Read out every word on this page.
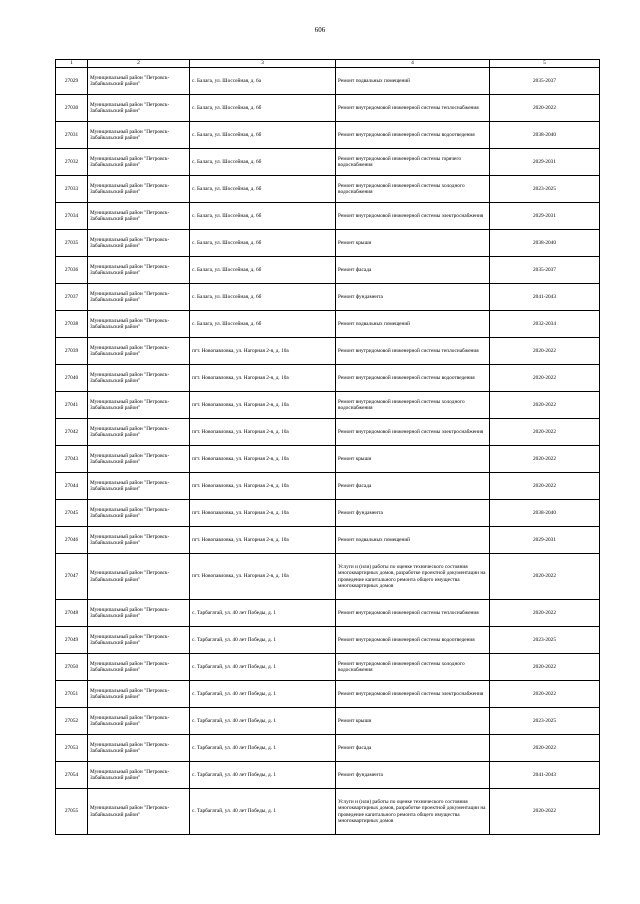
606
1	2	3	4	5
27029	Муниципальный район "Петровск-Забайкальский район"	с. Балага, ул. Шоссейная, д. 6а	Ремонт подвальных помещений	2035-2037
27030	Муниципальный район "Петровск-Забайкальский район"	с. Балага, ул. Шоссейная, д. 6б	Ремонт внутридомовой инженерной системы теплоснабжения	2020-2022
27031	Муниципальный район "Петровск-Забайкальский район"	с. Балага, ул. Шоссейная, д. 6б	Ремонт внутридомовой инженерной системы водоотведения	2038-2040
27032	Муниципальный район "Петровск-Забайкальский район"	с. Балага, ул. Шоссейная, д. 6б	Ремонт внутридомовой инженерной системы горячего водоснабжения	2029-2031
27033	Муниципальный район "Петровск-Забайкальский район"	с. Балага, ул. Шоссейная, д. 6б	Ремонт внутридомовой инженерной системы холодного водоснабжения	2023-2025
27034	Муниципальный район "Петровск-Забайкальский район"	с. Балага, ул. Шоссейная, д. 6б	Ремонт внутридомовой инженерной системы электроснабжения	2029-2031
27035	Муниципальный район "Петровск-Забайкальский район"	с. Балага, ул. Шоссейная, д. 6б	Ремонт крыши	2038-2040
27036	Муниципальный район "Петровск-Забайкальский район"	с. Балага, ул. Шоссейная, д. 6б	Ремонт фасада	2035-2037
27037	Муниципальный район "Петровск-Забайкальский район"	с. Балага, ул. Шоссейная, д. 6б	Ремонт фундамента	2041-2043
27038	Муниципальный район "Петровск-Забайкальский район"	с. Балага, ул. Шоссейная, д. 6б	Ремонт подвальных помещений	2032-2034
27039	Муниципальный район "Петровск-Забайкальский район"	пгт. Новопавловка, ул. Нагорная 2-я, д. 10а	Ремонт внутридомовой инженерной системы теплоснабжения	2020-2022
27040	Муниципальный район "Петровск-Забайкальский район"	пгт. Новопавловка, ул. Нагорная 2-я, д. 10а	Ремонт внутридомовой инженерной системы водоотведения	2020-2022
27041	Муниципальный район "Петровск-Забайкальский район"	пгт. Новопавловка, ул. Нагорная 2-я, д. 10а	Ремонт внутридомовой инженерной системы холодного водоснабжения	2020-2022
27042	Муниципальный район "Петровск-Забайкальский район"	пгт. Новопавловка, ул. Нагорная 2-я, д. 10а	Ремонт внутридомовой инженерной системы электроснабжения	2020-2022
27043	Муниципальный район "Петровск-Забайкальский район"	пгт. Новопавловка, ул. Нагорная 2-я, д. 10а	Ремонт крыши	2020-2022
27044	Муниципальный район "Петровск-Забайкальский район"	пгт. Новопавловка, ул. Нагорная 2-я, д. 10а	Ремонт фасада	2020-2022
27045	Муниципальный район "Петровск-Забайкальский район"	пгт. Новопавловка, ул. Нагорная 2-я, д. 10а	Ремонт фундамента	2038-2040
27046	Муниципальный район "Петровск-Забайкальский район"	пгт. Новопавловка, ул. Нагорная 2-я, д. 10а	Ремонт подвальных помещений	2029-2031
27047	Муниципальный район "Петровск-Забайкальский район"	пгт. Новопавловка, ул. Нагорная 2-я, д. 10а	Услуги и (или) работы по оценке технического состояния многоквартирных домов, разработке проектной документации на проведение капитального ремонта общего имущества многоквартирных домов	2020-2022
27048	Муниципальный район "Петровск-Забайкальский район"	с. Тарбагатай, ул. 40 лет Победы, д. 1	Ремонт внутридомовой инженерной системы теплоснабжения	2020-2022
27049	Муниципальный район "Петровск-Забайкальский район"	с. Тарбагатай, ул. 40 лет Победы, д. 1	Ремонт внутридомовой инженерной системы водоотведения	2023-2025
27050	Муниципальный район "Петровск-Забайкальский район"	с. Тарбагатай, ул. 40 лет Победы, д. 1	Ремонт внутридомовой инженерной системы холодного водоснабжения	2020-2022
27051	Муниципальный район "Петровск-Забайкальский район"	с. Тарбагатай, ул. 40 лет Победы, д. 1	Ремонт внутридомовой инженерной системы электроснабжения	2020-2022
27052	Муниципальный район "Петровск-Забайкальский район"	с. Тарбагатай, ул. 40 лет Победы, д. 1	Ремонт крыши	2023-2025
27053	Муниципальный район "Петровск-Забайкальский район"	с. Тарбагатай, ул. 40 лет Победы, д. 1	Ремонт фасада	2020-2022
27054	Муниципальный район "Петровск-Забайкальский район"	с. Тарбагатай, ул. 40 лет Победы, д. 1	Ремонт фундамента	2041-2043
27055	Муниципальный район "Петровск-Забайкальский район"	с. Тарбагатай, ул. 40 лет Победы, д. 1	Услуги и (или) работы по оценке технического состояния многоквартирных домов, разработке проектной документации на проведение капитального ремонта общего имущества многоквартирных домов	2020-2022
